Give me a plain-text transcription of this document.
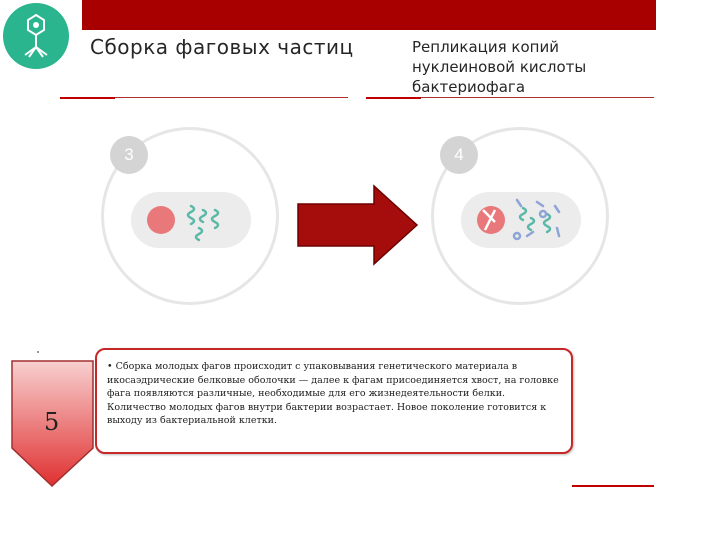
Сборка фаговых частиц	Репликация копий нуклеиновой кислоты бактериофага
3	4
5

• Сборка молодых фагов происходит с упаковывания генетического материала в икосаэдрические белковые оболочки — далее к фагам присоединяется хвост, на головке фага появляются различные, необходимые для его жизнедеятельности белки. Количество молодых фагов внутри бактерии возрастает. Новое поколение готовится к выходу из бактериальной клетки.
